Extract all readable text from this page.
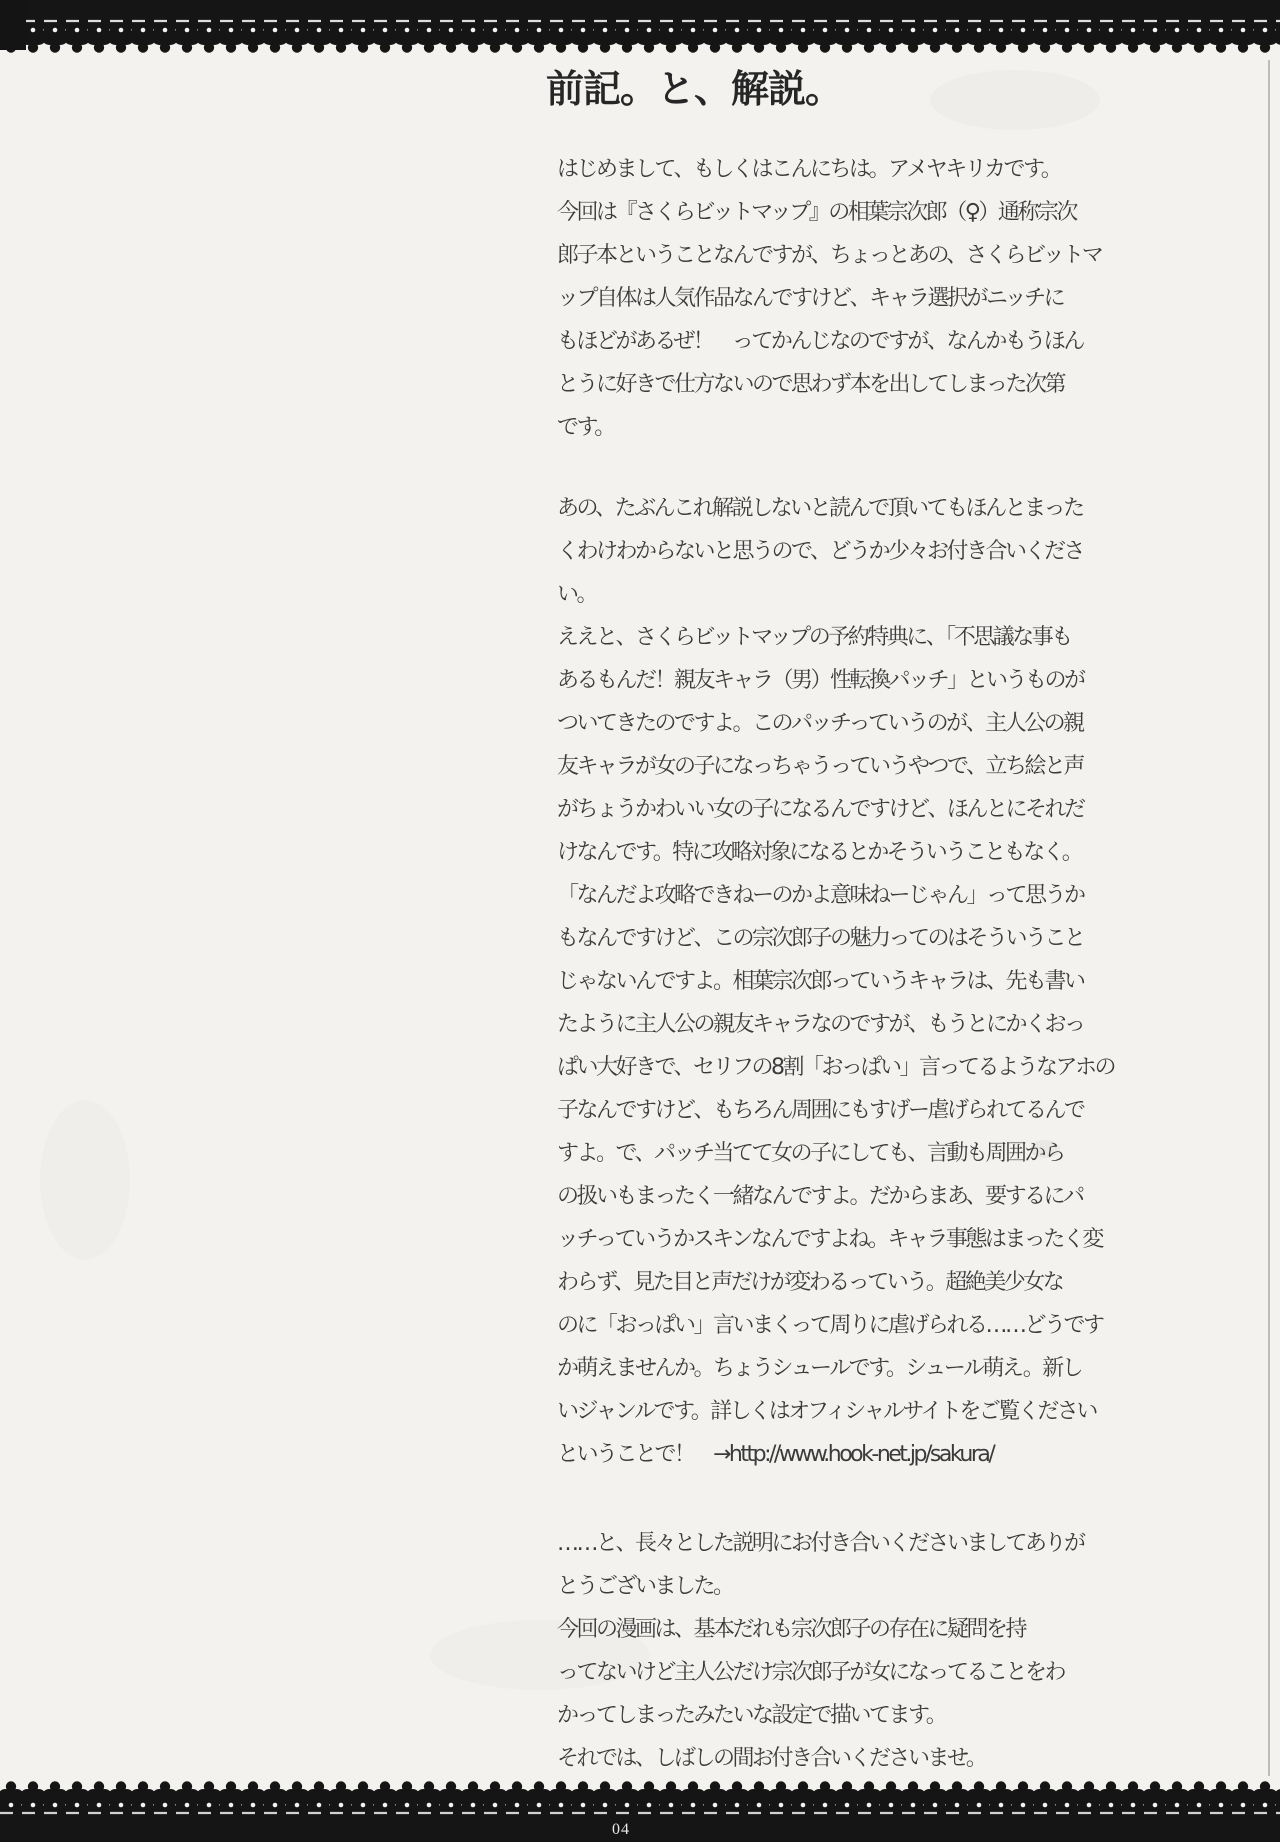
前記。と、解説。
はじめまして、もしくはこんにちは。アメヤキリカです。
今回は『さくらビットマップ』の相葉宗次郎（♀）通称宗次
郎子本ということなんですが、ちょっとあの、さくらビットマ
ップ自体は人気作品なんですけど、キャラ選択がニッチに
もほどがあるぜ！　ってかんじなのですが、なんかもうほん
とうに好きで仕方ないので思わず本を出してしまった次第
です。
あの、たぶんこれ解説しないと読んで頂いてもほんとまった
くわけわからないと思うので、どうか少々お付き合いくださ
い。
ええと、さくらビットマップの予約特典に、「不思議な事も
あるもんだ！親友キャラ（男）性転換パッチ」というものが
ついてきたのですよ。このパッチっていうのが、主人公の親
友キャラが女の子になっちゃうっていうやつで、立ち絵と声
がちょうかわいい女の子になるんですけど、ほんとにそれだ
けなんです。特に攻略対象になるとかそういうこともなく。
「なんだよ攻略できねーのかよ意味ねーじゃん」って思うか
もなんですけど、この宗次郎子の魅力ってのはそういうこと
じゃないんですよ。相葉宗次郎っていうキャラは、先も書い
たように主人公の親友キャラなのですが、もうとにかくおっ
ぱい大好きで、セリフの8割「おっぱい」言ってるようなアホの
子なんですけど、もちろん周囲にもすげー虐げられてるんで
すよ。で、パッチ当てて女の子にしても、言動も周囲から
の扱いもまったく一緒なんですよ。だからまあ、要するにパ
ッチっていうかスキンなんですよね。キャラ事態はまったく変
わらず、見た目と声だけが変わるっていう。超絶美少女な
のに「おっぱい」言いまくって周りに虐げられる……どうです
か萌えませんか。ちょうシュールです。シュール萌え。新し
いジャンルです。詳しくはオフィシャルサイトをご覧ください
ということで！　→http://www.hook-net.jp/sakura/
……と、長々とした説明にお付き合いくださいましてありが
とうございました。
今回の漫画は、基本だれも宗次郎子の存在に疑問を持
ってないけど主人公だけ宗次郎子が女になってることをわ
かってしまったみたいな設定で描いてます。
それでは、しばしの間お付き合いくださいませ。
04
